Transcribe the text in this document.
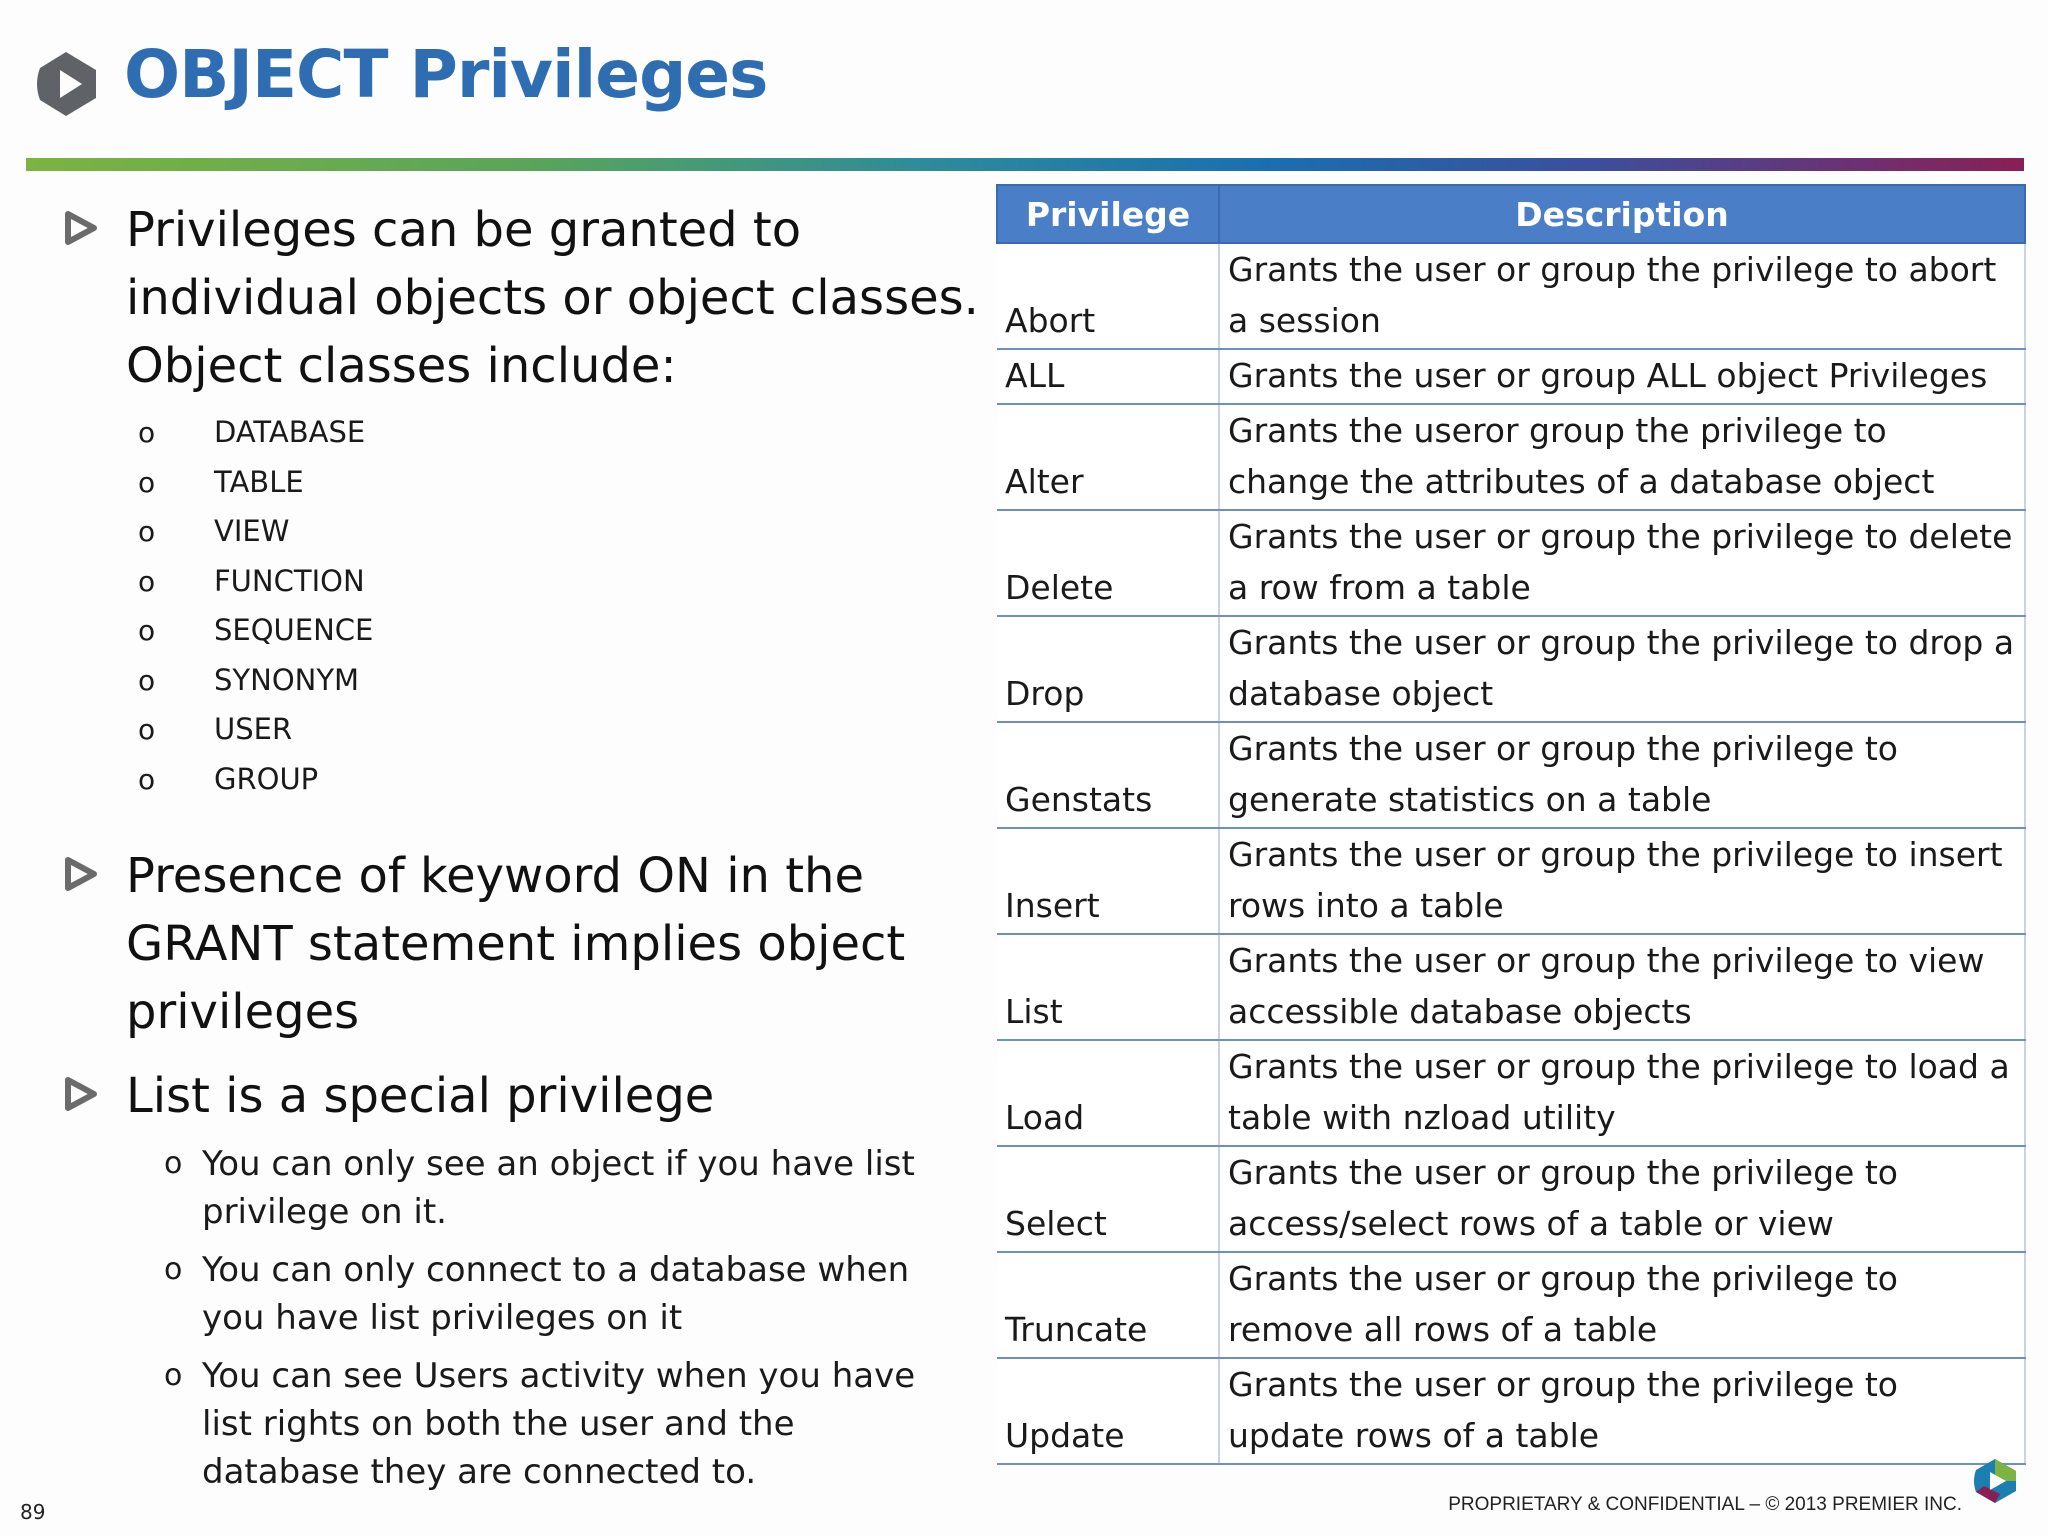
OBJECT Privileges
Privileges can be granted to individual objects or object classes. Object classes include:
o DATABASE
o TABLE
o VIEW
o FUNCTION
o SEQUENCE
o SYNONYM
o USER
o GROUP
Presence of keyword ON in the GRANT statement implies object privileges
List is a special privilege
o You can only see an object if you have list privilege on it.
o You can only connect to a database when you have list privileges on it
o You can see Users activity when you have list rights on both the user and the database they are connected to.
Privilege	Description
Abort	Grants the user or group the privilege to abort a session
ALL	Grants the user or group ALL object Privileges
Alter	Grants the useror group the privilege to change the attributes of a database object
Delete	Grants the user or group the privilege to delete a row from a table
Drop	Grants the user or group the privilege to drop a database object
Genstats	Grants the user or group the privilege to generate statistics on a table
Insert	Grants the user or group the privilege to insert rows into a table
List	Grants the user or group the privilege to view accessible database objects
Load	Grants the user or group the privilege to load a table with nzload utility
Select	Grants the user or group the privilege to access/select rows of a table or view
Truncate	Grants the user or group the privilege to remove all rows of a table
Update	Grants the user or group the privilege to update rows of a table
89	PROPRIETARY & CONFIDENTIAL – © 2013 PREMIER INC.
